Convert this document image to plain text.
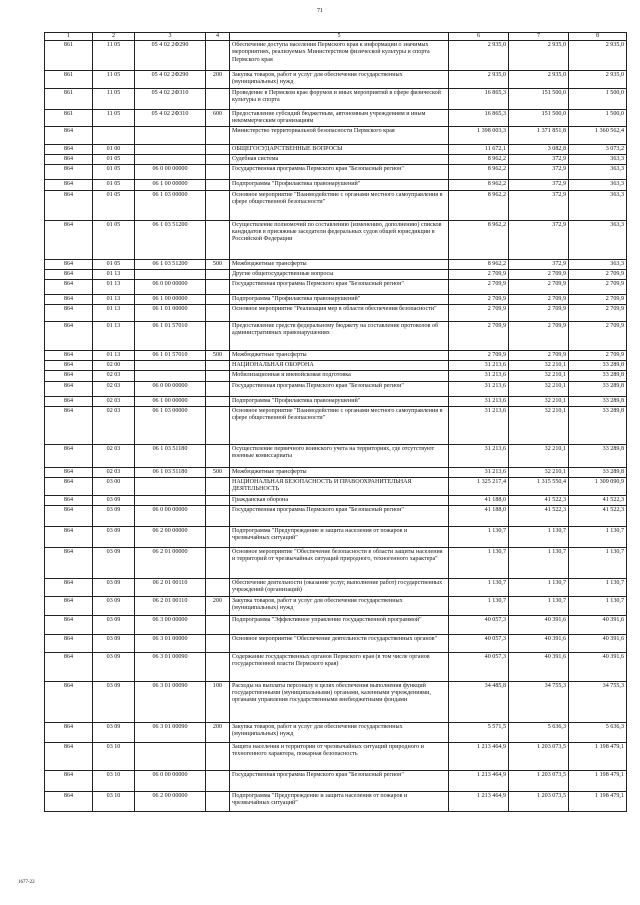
71
1	2	3	4	5	6	7	8
861	11 05	05 4 02 2Ф290		Обеспечение доступа населения Пермского края к информации о значимых мероприятиях, реализуемых Министерством физической культуры и спорта Пермского края	2 935,0	2 935,0	2 935,0
861	11 05	05 4 02 2Ф290	200	Закупка товаров, работ и услуг для обеспечения государственных (муниципальных) нужд	2 935,0	2 935,0	2 935,0
861	11 05	05 4 02 2Ф310		Проведение в Пермском крае форумов и иных мероприятий в сфере физической культуры и спорта	16 865,3	151 500,0	1 500,0
861	11 05	05 4 02 2Ф310	600	Предоставление субсидий бюджетным, автономным учреждениям и иным некоммерческим организациям	16 865,3	151 500,0	1 500,0
864				Министерство территориальной безопасности Пермского края	1 398 003,3	1 371 851,8	1 360 562,4
864	01 00			ОБЩЕГОСУДАРСТВЕННЫЕ ВОПРОСЫ	11 672,1	3 082,8	3 073,2
864	01 05			Судебная система	8 962,2	372,9	363,3
864	01 05	06 0 00 00000		Государственная программа Пермского края "Безопасный регион"	8 962,2	372,9	363,3
864	01 05	06 1 00 00000		Подпрограмма "Профилактика правонарушений"	8 962,2	372,9	363,3
864	01 05	06 1 03 00000		Основное мероприятие "Взаимодействие с органами местного самоуправления в сфере общественной безопасности"	8 962,2	372,9	363,3
864	01 05	06 1 03 51200		Осуществление полномочий по составлению (изменению, дополнению) списков кандидатов в присяжные заседатели федеральных судов общей юрисдикции в Российской Федерации	8 962,2	372,9	363,3
864	01 05	06 1 03 51200	500	Межбюджетные трансферты	8 962,2	372,9	363,3
864	01 13			Другие общегосударственные вопросы	2 709,9	2 709,9	2 709,9
864	01 13	06 0 00 00000		Государственная программа Пермского края "Безопасный регион"	2 709,9	2 709,9	2 709,9
864	01 13	06 1 00 00000		Подпрограмма "Профилактика правонарушений"	2 709,9	2 709,9	2 709,9
864	01 13	06 1 01 00000		Основное мероприятие "Реализация мер в области обеспечения безопасности"	2 709,9	2 709,9	2 709,9
864	01 13	06 1 01 57010		Предоставление средств федеральному бюджету на составление протоколов об административных правонарушениях	2 709,9	2 709,9	2 709,9
864	01 13	06 1 01 57010	500	Межбюджетные трансферты	2 709,9	2 709,9	2 709,9
864	02 00			НАЦИОНАЛЬНАЯ ОБОРОНА	31 213,6	32 210,1	33 289,8
864	02 03			Мобилизационная и вневойсковая подготовка	31 213,6	32 210,1	33 289,8
864	02 03	06 0 00 00000		Государственная программа Пермского края "Безопасный регион"	31 213,6	32 210,1	33 289,8
864	02 03	06 1 00 00000		Подпрограмма "Профилактика правонарушений"	31 213,6	32 210,1	33 289,8
864	02 03	06 1 03 00000		Основное мероприятие "Взаимодействие с органами местного самоуправления в сфере общественной безопасности"	31 213,6	32 210,1	33 289,8
864	02 03	06 1 03 51180		Осуществление первичного воинского учета на территориях, где отсутствуют военные комиссариаты	31 213,6	32 210,1	33 289,8
864	02 03	06 1 03 51180	500	Межбюджетные трансферты	31 213,6	32 210,1	33 289,8
864	03 00			НАЦИОНАЛЬНАЯ БЕЗОПАСНОСТЬ И ПРАВООХРАНИТЕЛЬНАЯ ДЕЯТЕЛЬНОСТЬ	1 325 217,4	1 315 550,4	1 309 090,9
864	03 09			Гражданская оборона	41 188,0	41 522,3	41 522,3
864	03 09	06 0 00 00000		Государственная программа Пермского края "Безопасный регион"	41 188,0	41 522,3	41 522,3
864	03 09	06 2 00 00000		Подпрограмма "Предупреждение и защита населения от пожаров и чрезвычайных ситуаций"	1 130,7	1 130,7	1 130,7
864	03 09	06 2 01 00000		Основное мероприятие "Обеспечение безопасности в области защиты населения и территорий от чрезвычайных ситуаций природного, техногенного характера"	1 130,7	1 130,7	1 130,7
864	03 09	06 2 01 00110		Обеспечение деятельности (оказание услуг, выполнение работ) государственных учреждений (организаций)	1 130,7	1 130,7	1 130,7
864	03 09	06 2 01 00110	200	Закупка товаров, работ и услуг для обеспечения государственных (муниципальных) нужд	1 130,7	1 130,7	1 130,7
864	03 09	06 3 00 00000		Подпрограмма "Эффективное управление государственной программой"	40 057,3	40 391,6	40 391,6
864	03 09	06 3 01 00000		Основное мероприятие "Обеспечение деятельности государственных органов"	40 057,3	40 391,6	40 391,6
864	03 09	06 3 01 00090		Содержание государственных органов Пермского края (в том числе органов государственной власти Пермского края)	40 057,3	40 391,6	40 391,6
864	03 09	06 3 01 00090	100	Расходы на выплаты персоналу в целях обеспечения выполнения функций государственными (муниципальными) органами, казенными учреждениями, органами управления государственными внебюджетными фондами	34 485,8	34 755,3	34 755,3
864	03 09	06 3 01 00090	200	Закупка товаров, работ и услуг для обеспечения государственных (муниципальных) нужд	5 571,5	5 636,3	5 636,3
864	03 10			Защита населения и территории от чрезвычайных ситуаций природного и техногенного характера, пожарная безопасность	1 213 464,9	1 203 073,5	1 198 479,1
864	03 10	06 0 00 00000		Государственная программа Пермского края "Безопасный регион"	1 213 464,9	1 203 073,5	1 198 479,1
864	03 10	06 2 00 00000		Подпрограмма "Предупреждение и защита населения от пожаров и чрезвычайных ситуаций"	1 213 464,9	1 203 073,5	1 198 479,1
1677-22
